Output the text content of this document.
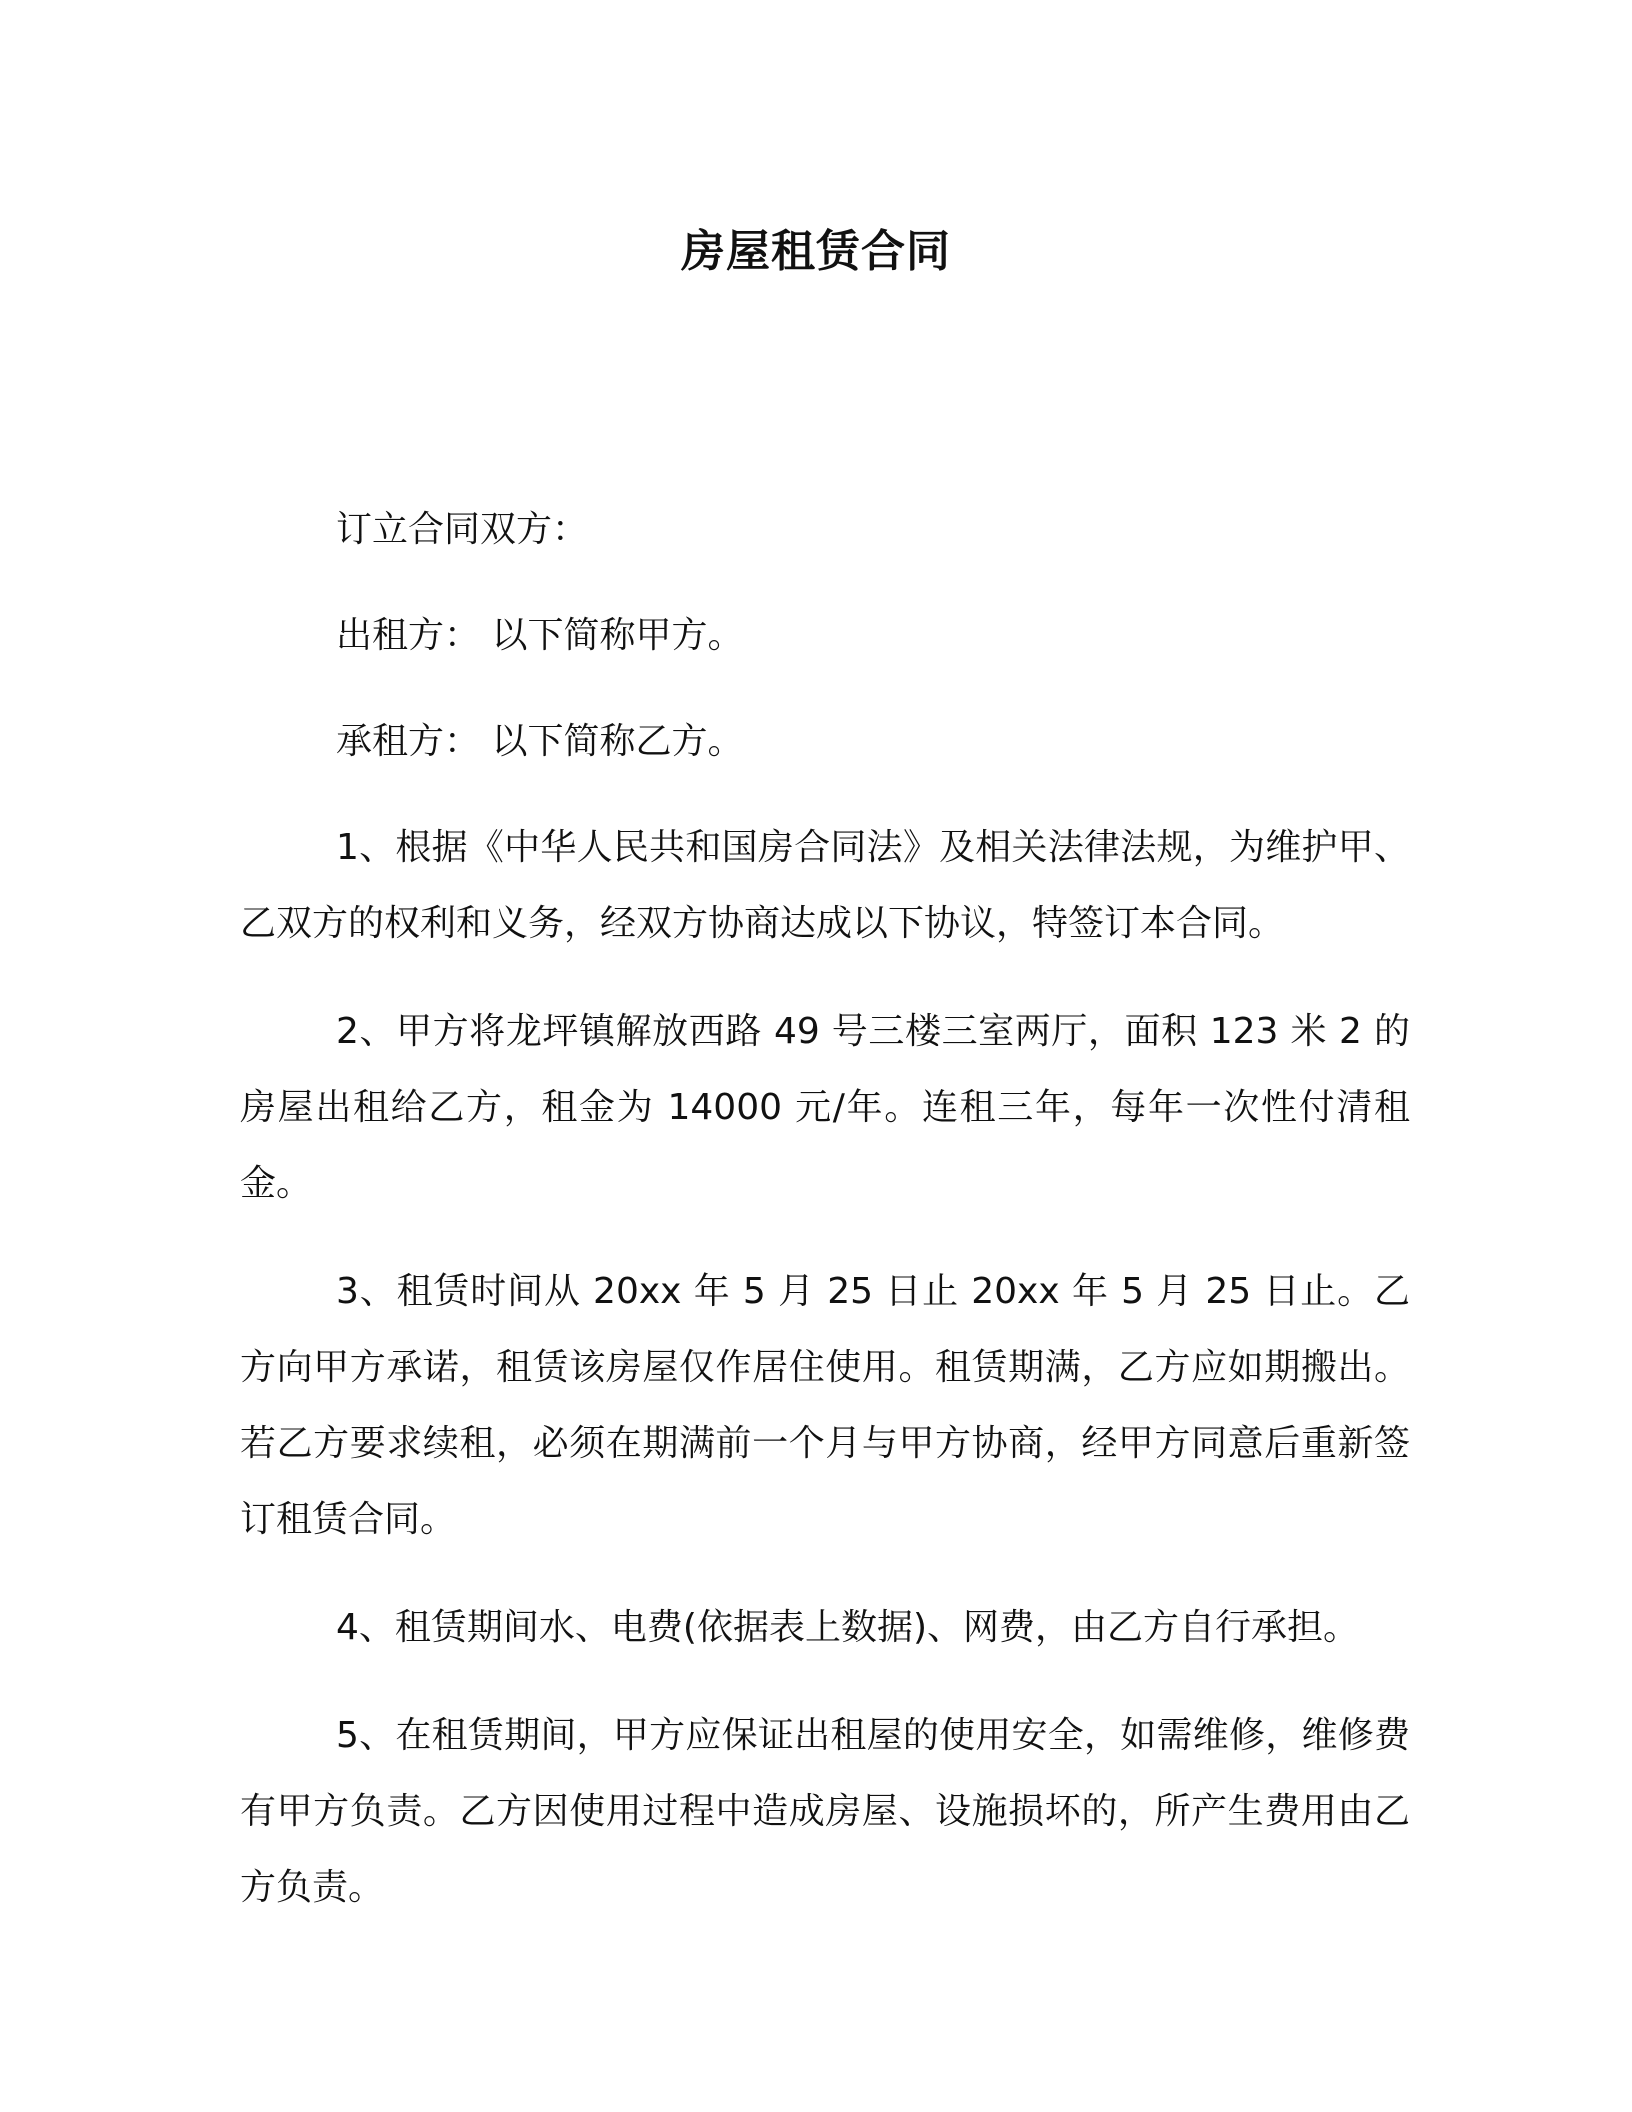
房屋租赁合同

订立合同双方：

出租方： 以下简称甲方。

承租方： 以下简称乙方。

1、根据《中华人民共和国房合同法》及相关法律法规，为维护甲、乙双方的权利和义务，经双方协商达成以下协议，特签订本合同。

2、甲方将龙坪镇解放西路 49 号三楼三室两厅，面积 123 米 2 的房屋出租给乙方，租金为 14000 元/年。连租三年，每年一次性付清租金。

3、租赁时间从 20xx 年 5 月 25 日止 20xx 年 5 月 25 日止。乙方向甲方承诺，租赁该房屋仅作居住使用。租赁期满，乙方应如期搬出。若乙方要求续租，必须在期满前一个月与甲方协商，经甲方同意后重新签订租赁合同。

4、租赁期间水、电费(依据表上数据)、网费，由乙方自行承担。

5、在租赁期间，甲方应保证出租屋的使用安全，如需维修，维修费有甲方负责。乙方因使用过程中造成房屋、设施损坏的，所产生费用由乙方负责。
